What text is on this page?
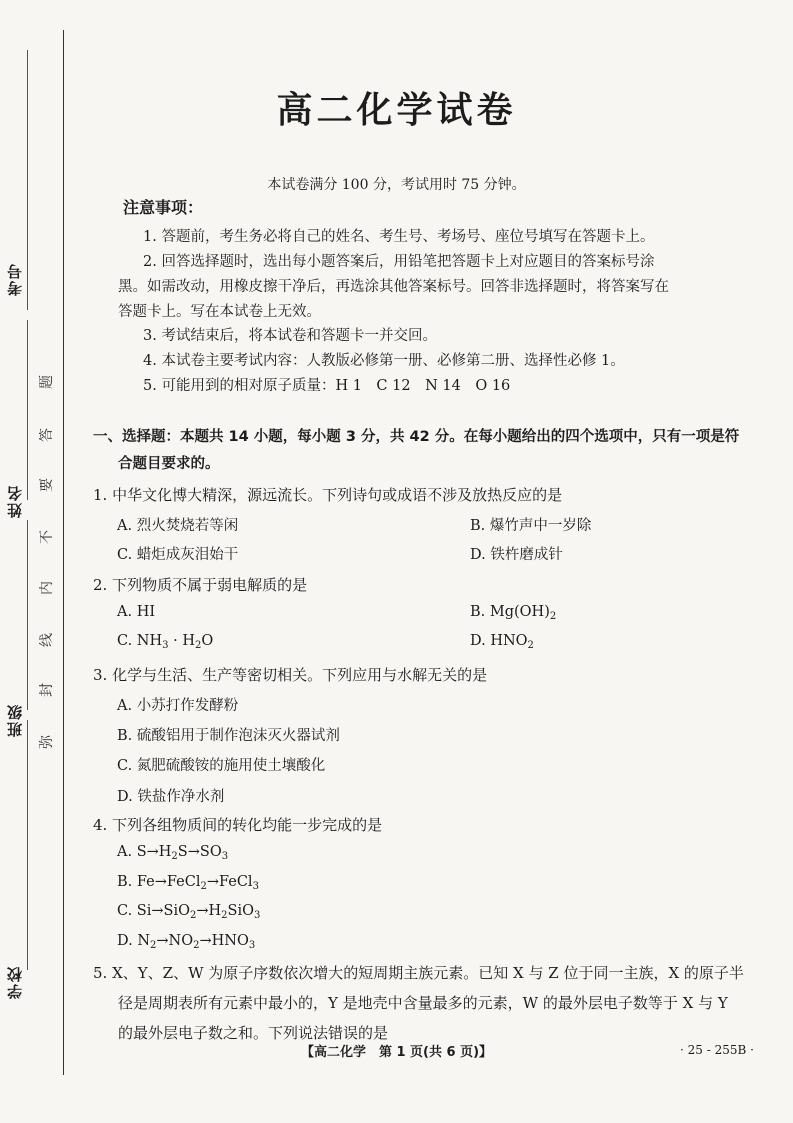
考号
姓名
班级
学校
题
答
要
不
内
线
封
弥
高二化学试卷
本试卷满分 100 分，考试用时 75 分钟。
注意事项：
1. 答题前，考生务必将自己的姓名、考生号、考场号、座位号填写在答题卡上。
2. 回答选择题时，选出每小题答案后，用铅笔把答题卡上对应题目的答案标号涂
黑。如需改动，用橡皮擦干净后，再选涂其他答案标号。回答非选择题时，将答案写在
答题卡上。写在本试卷上无效。
3. 考试结束后，将本试卷和答题卡一并交回。
4. 本试卷主要考试内容：人教版必修第一册、必修第二册、选择性必修 1。
5. 可能用到的相对原子质量：H 1　C 12　N 14　O 16
一、选择题：本题共 14 小题，每小题 3 分，共 42 分。在每小题给出的四个选项中，只有一项是符
合题目要求的。
1. 中华文化博大精深，源远流长。下列诗句或成语不涉及放热反应的是
A. 烈火焚烧若等闲	B. 爆竹声中一岁除
C. 蜡炬成灰泪始干	D. 铁杵磨成针
2. 下列物质不属于弱电解质的是
A. HI	B. $Mg(OH)_2$
C. $NH_3 \cdot H_2O$	D. $HNO_2$
3. 化学与生活、生产等密切相关。下列应用与水解无关的是
A. 小苏打作发酵粉
B. 硫酸铝用于制作泡沫灭火器试剂
C. 氮肥硫酸铵的施用使土壤酸化
D. 铁盐作净水剂
4. 下列各组物质间的转化均能一步完成的是
A. $S\to H_2S\to SO_3$
B. Fe→FeCl$_2$→FeCl$_3$
C. $Si\to SiO_2\to H_2SiO_3$
D. $N_2\to NO_2\to HNO_3$
5. X、Y、Z、W 为原子序数依次增大的短周期主族元素。已知 X 与 Z 位于同一主族，X 的原子半
径是周期表所有元素中最小的，Y 是地壳中含量最多的元素，W 的最外层电子数等于 X 与 Y
的最外层电子数之和。下列说法错误的是
【高二化学　第 1 页(共 6 页)】	· 25 - 255B ·
